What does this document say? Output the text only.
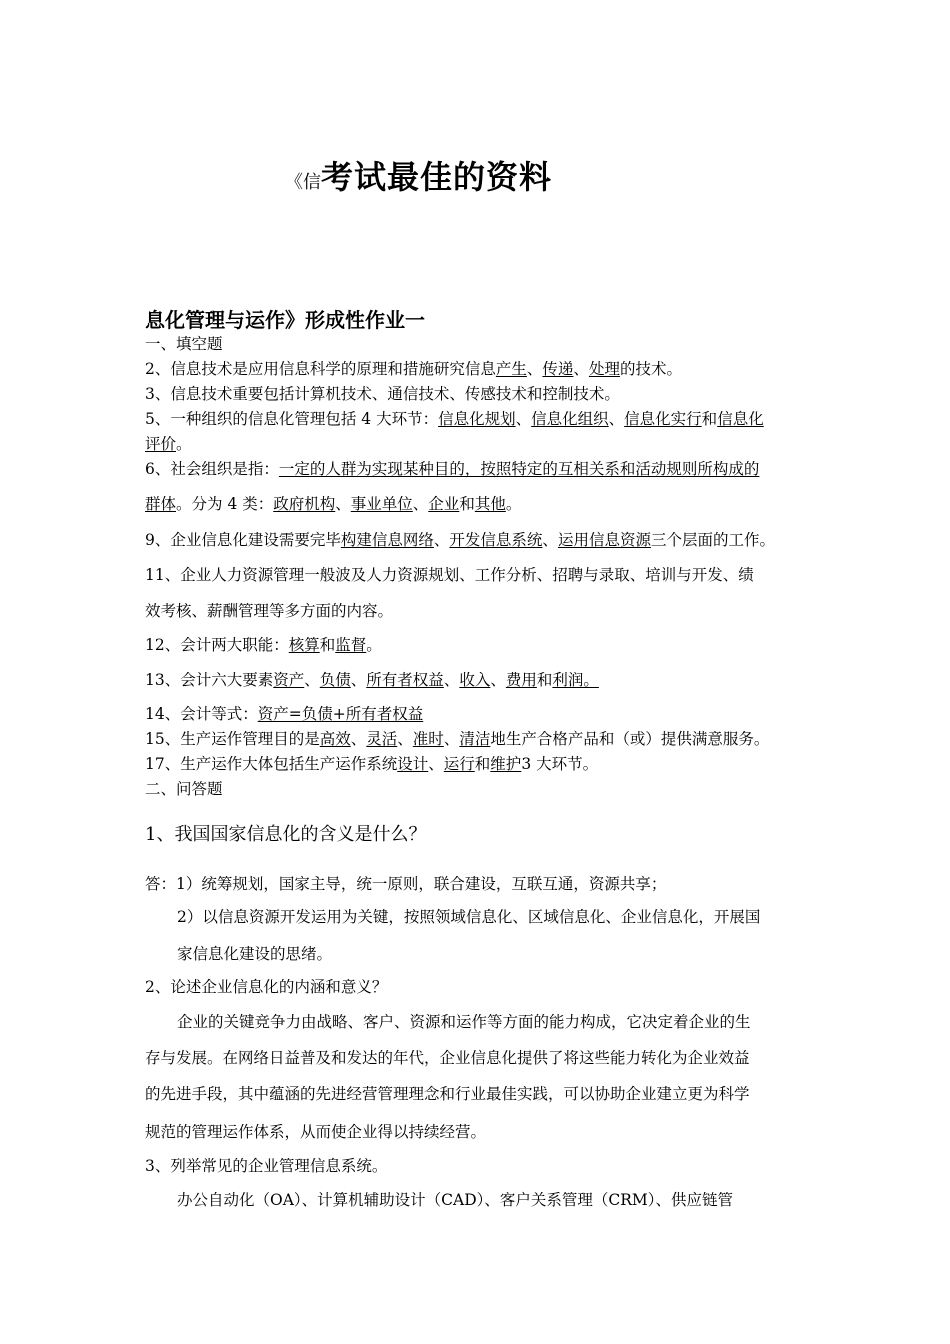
《信考试最佳的资料
息化管理与运作》形成性作业一
一、填空题
2、信息技术是应用信息科学的原理和措施研究信息产生、传递、处理的技术。
3、信息技术重要包括计算机技术、通信技术、传感技术和控制技术。
5、一种组织的信息化管理包括 4 大环节：信息化规划、信息化组织、信息化实行和信息化
评价。
6、社会组织是指：一定的人群为实现某种目的，按照特定的互相关系和活动规则所构成的
群体。分为 4 类：政府机构、事业单位、企业和其他。
9、企业信息化建设需要完毕构建信息网络、开发信息系统、运用信息资源三个层面的工作。
11、企业人力资源管理一般波及人力资源规划、工作分析、招聘与录取、培训与开发、绩
效考核、薪酬管理等多方面的内容。
12、会计两大职能：核算和监督。
13、会计六大要素资产、负债、所有者权益、收入、费用和利润。
14、会计等式：资产=负债+所有者权益
15、生产运作管理目的是高效、灵活、准时、清洁地生产合格产品和（或）提供满意服务。
17、生产运作大体包括生产运作系统设计、运行和维护3 大环节。
二、问答题
1、我国国家信息化的含义是什么？
答：1）统筹规划，国家主导，统一原则，联合建设，互联互通，资源共享；
2）以信息资源开发运用为关键，按照领域信息化、区域信息化、企业信息化，开展国
家信息化建设的思绪。
2、论述企业信息化的内涵和意义？
企业的关键竞争力由战略、客户、资源和运作等方面的能力构成，它决定着企业的生
存与发展。在网络日益普及和发达的年代，企业信息化提供了将这些能力转化为企业效益
的先进手段，其中蕴涵的先进经营管理理念和行业最佳实践，可以协助企业建立更为科学
规范的管理运作体系，从而使企业得以持续经营。
3、列举常见的企业管理信息系统。
办公自动化（OA）、计算机辅助设计（CAD）、客户关系管理（CRM）、供应链管
